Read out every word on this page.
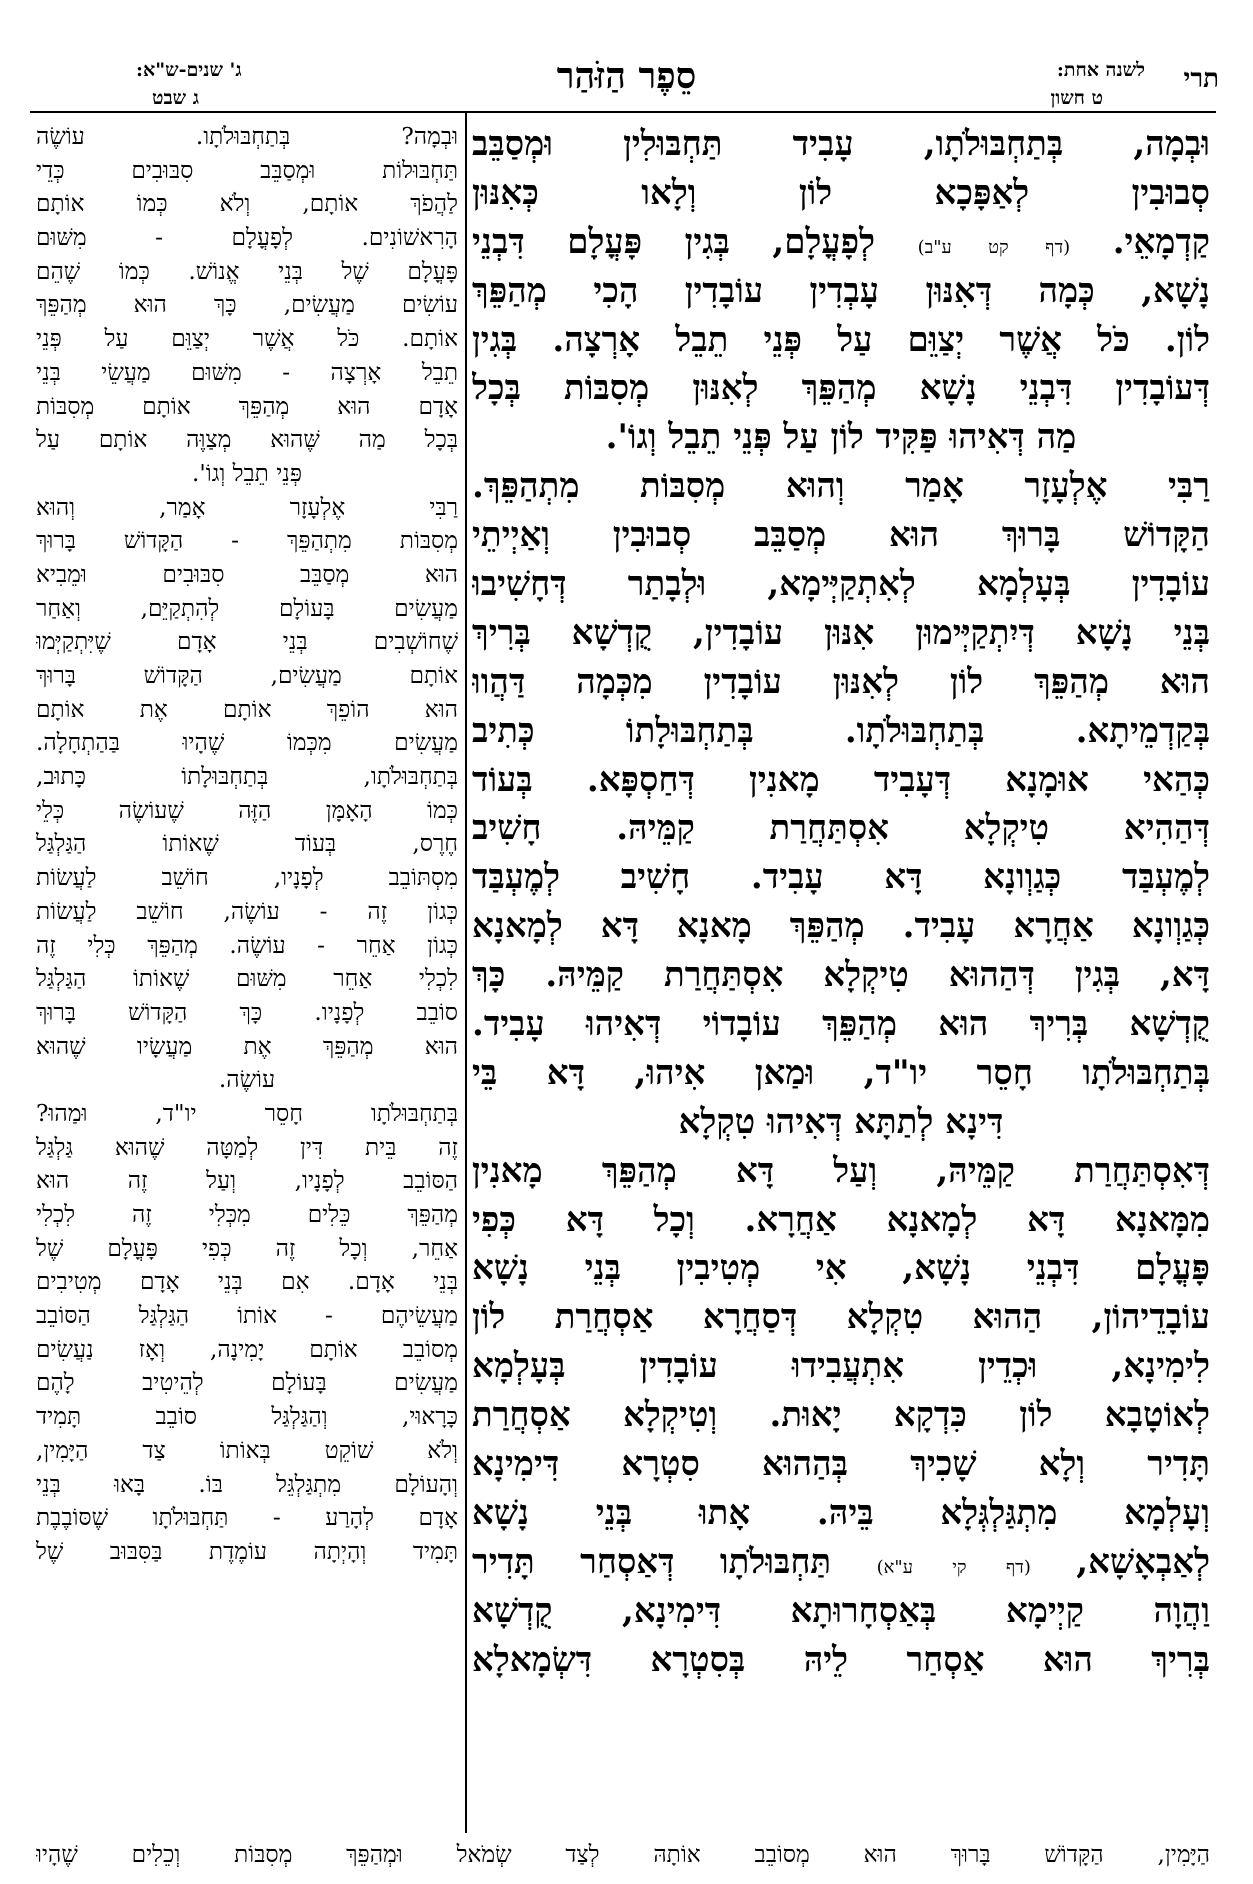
תרי
לשנה אחת:
ט חשון
סֵפֶר הַזֹּהַר
ג' שנים-ש"א:
ג שבט
וּבְמָה, בְּתַחְבּוּלֹתָו, עָבִיד תַּחְבּוּלִין וּמְסַבֵּב
סְבוּבִין לְאַפָּכָא לוֹן וְלָאו כְּאִנּוּן
קַדְמָאֵי. (דף קט ע"ב) לְפָעֳלָם, בְּגִין פָּעֳלָם דִּבְנֵי
נָשָׁא, כְּמָה דְּאִנּוּן עָבְדִין עוֹבָדִין הָכִי מְהַפֵּךְ
לוֹן. כֹּל אֲשֶׁר יְצַוֵּם עַל פְּנֵי תֵבֵל אָרְצָה. בְּגִין
דְּעוֹבָדִין דִּבְנֵי נָשָׁא מְהַפֵּךְ לְאִנּוּן מְסִבּוֹת בְּכָל
מַה דְּאִיהוּ פַּקִּיד לוֹן עַל פְּנֵי תֵבֵל וְגוֹ'.
רַבִּי אֶלְעָזָר אָמַר וְהוּא מְסִבּוֹת מִתְהַפֵּךְ.
הַקָּדוֹשׁ בָּרוּךְ הוּא מְסַבֵּב סְבוּבִין וְאַיְיתֵי
עוֹבָדִין בְּעָלְמָא לְאִתְקַיְּימָא, וּלְבָתַר דְּחָשִׁיבוּ
בְּנֵי נָשָׁא דְּיִתְקַיְּימוּן אִנּוּן עוֹבָדִין, קֻדְשָׁא בְּרִיךְ
הוּא מְהַפֵּךְ לוֹן לְאִנּוּן עוֹבָדִין מִכְּמָה דַּהֲווּ
בְּקַדְמֵיתָא. בְּתַחְבּוּלֹתָו. בְּתַחְבּוּלָתוֹ כְּתִיב
כְּהַאי אוּמָנָא דְּעָבִיד מָאנִין דְּחַסְפָּא. בְּעוֹד
דְּהַהִיא טִיקְלָא אִסְתַּחֲרַת קַמֵּיהּ. חָשִׁיב
לְמֶעְבַּד כְּגַוְונָא דָּא עָבִיד. חָשִׁיב לְמֶעְבַּד
כְּגַוְונָא אַחֲרָא עָבִיד. מְהַפֵּךְ מָאנָא דָּא לְמָאנָא
דָּא, בְּגִין דְּהַהוּא טִיקְלָא אִסְתַּחֲרַת קַמֵּיהּ. כָּךְ
קֻדְשָׁא בְּרִיךְ הוּא מְהַפֵּךְ עוֹבָדוֹי דְּאִיהוּ עָבִיד.
בְּתַחְבּוּלֹתָו חָסֵר יו"ד, וּמַאן אִיהוּ, דָּא בֵּי
דִּינָא לְתַתָּא דְּאִיהוּ טִקְלָא
דְּאִסְתַּחֲרַת קַמֵּיהּ, וְעַל דָּא מְהַפֵּךְ מָאנִין
מִמָּאנָא דָּא לְמָאנָא אַחֲרָא. וְכָל דָּא כְּפִי
פָּעֳלָם דִּבְנֵי נָשָׁא, אִי מְטִיבִין בְּנֵי נָשָׁא
עוֹבָדֵיהוֹן, הַהוּא טִקְלָא דְּסַחֲרָא אַסְחֲרַת לוֹן
לִימִינָא, וּכְדֵין אִתְעֲבִידוּ עוֹבָדִין בְּעָלְמָא
לְאוֹטָבָא לוֹן כִּדְקָא יָאוּת. וְטִיקְלָא אַסְחֲרַת
תָּדִיר וְלָא שָׁכִיךְ בְּהַהוּא סִטְרָא דִּימִינָא
וְעָלְמָא מִתְגַּלְגְּלָא בֵּיהּ. אָתוּ בְּנֵי נָשָׁא
לְאַבְאָשָׁא, (דף קי ע"א) תַּחְבּוּלֹתָו דְּאַסְחַר תָּדִיר
וַהֲוָה קַיְימָא בְּאַסְחָרוּתָא דִּימִינָא, קֻדְשָׁא
בְּרִיךְ הוּא אַסְחַר לֵיהּ בְּסִטְרָא דִּשְׂמָאלָא
וּבְמָה? בְּתַחְבּוּלֹתָו. עוֹשֶׂה
תַּחְבּוּלוֹת וּמְסַבֵּב סִבּוּבִים כְּדֵי
לַהֲפֹךְ אוֹתָם, וְלֹא כְּמוֹ אוֹתָם
הָרִאשׁוֹנִים. לְפָעֳלָם - מִשּׁוּם
פָּעֳלָם שֶׁל בְּנֵי אֱנוֹשׁ. כְּמוֹ שֶׁהֵם
עוֹשִׂים מַעֲשִׂים, כָּךְ הוּא מְהַפֵּךְ
אוֹתָם. כֹּל אֲשֶׁר יְצַוֵּם עַל פְּנֵי
תֵבֵל אָרְצָה - מִשּׁוּם מַעֲשֵׂי בְּנֵי
אָדָם הוּא מְהַפֵּךְ אוֹתָם מְסִבּוֹת
בְּכָל מַה שֶּׁהוּא מְצַוֶּה אוֹתָם עַל
פְּנֵי תֵבֵל וְגוֹ'.
רַבִּי אֶלְעָזָר אָמַר, וְהוּא
מְסִבּוֹת מִתְהַפֵּךְ - הַקָּדוֹשׁ בָּרוּךְ
הוּא מְסַבֵּב סִבּוּבִים וּמֵבִיא
מַעֲשִׂים בָּעוֹלָם לְהִתְקַיֵּם, וְאַחַר
שֶׁחוֹשְׁבִים בְּנֵי אָדָם שֶׁיִּתְקַיְּמוּ
אוֹתָם מַעֲשִׂים, הַקָּדוֹשׁ בָּרוּךְ
הוּא הוֹפֵךְ אוֹתָם אֶת אוֹתָם
מַעֲשִׂים מִכְּמוֹ שֶׁהָיוּ בַּהַתְחָלָה.
בְּתַחְבּוּלֹתָו, בְּתַחְבּוּלָתוֹ כָּתוּב,
כְּמוֹ הָאָמָּן הַזֶּה שֶׁעוֹשֶׂה כְּלֵי
חֶרֶס, בְּעוֹד שֶׁאוֹתוֹ הַגַּלְגַּל
מִסְתּוֹבֵב לְפָנָיו, חוֹשֵׁב לַעֲשׂוֹת
כְּגוֹן זֶה - עוֹשֶׂה, חוֹשֵׁב לַעֲשׂוֹת
כְּגוֹן אַחֵר - עוֹשֶׂה. מְהַפֵּךְ כְּלִי זֶה
לִכְלִי אַחֵר מִשּׁוּם שֶׁאוֹתוֹ הַגַּלְגַּל
סוֹבֵב לְפָנָיו. כָּךְ הַקָּדוֹשׁ בָּרוּךְ
הוּא מְהַפֵּךְ אֶת מַעֲשָׂיו שֶׁהוּא
עוֹשֶׂה.
בְּתַחְבּוּלֹתָו חָסֵר יו"ד, וּמַהוּ?
זֶה בֵּית דִּין לְמַטָּה שֶׁהוּא גַּלְגַּל
הַסּוֹבֵב לְפָנָיו, וְעַל זֶה הוּא
מְהַפֵּךְ כֵּלִים מִכְּלִי זֶה לִכְלִי
אַחֵר, וְכָל זֶה כְּפִי פָּעֳלָם שֶׁל
בְּנֵי אָדָם. אִם בְּנֵי אָדָם מְטִיבִים
מַעֲשֵׂיהֶם - אוֹתוֹ הַגַּלְגַּל הַסּוֹבֵב
מְסוֹבֵב אוֹתָם יָמִינָה, וְאָז נַעֲשִׂים
מַעֲשִׂים בָּעוֹלָם לְהֵיטִיב לָהֶם
כָּרָאוּי, וְהַגַּלְגַּל סוֹבֵב תָּמִיד
וְלֹא שׁוֹקֵט בְּאוֹתוֹ צַד הַיָּמִין,
וְהָעוֹלָם מִתְגַּלְגֵּל בּוֹ. בָּאוּ בְּנֵי
אָדָם לְהָרַע - תַּחְבּוּלֹתָו שֶׁסּוֹבֶבֶת
תָּמִיד וְהָיְתָה עוֹמֶדֶת בַּסִּבּוּב שֶׁל
הַיָּמִין, הַקָּדוֹשׁ בָּרוּךְ הוּא מְסוֹבֵב אוֹתָהּ לְצַד שְׂמֹאל וּמְהַפֵּךְ מְסִבּוֹת וְכֵלִים שֶׁהָיוּ
